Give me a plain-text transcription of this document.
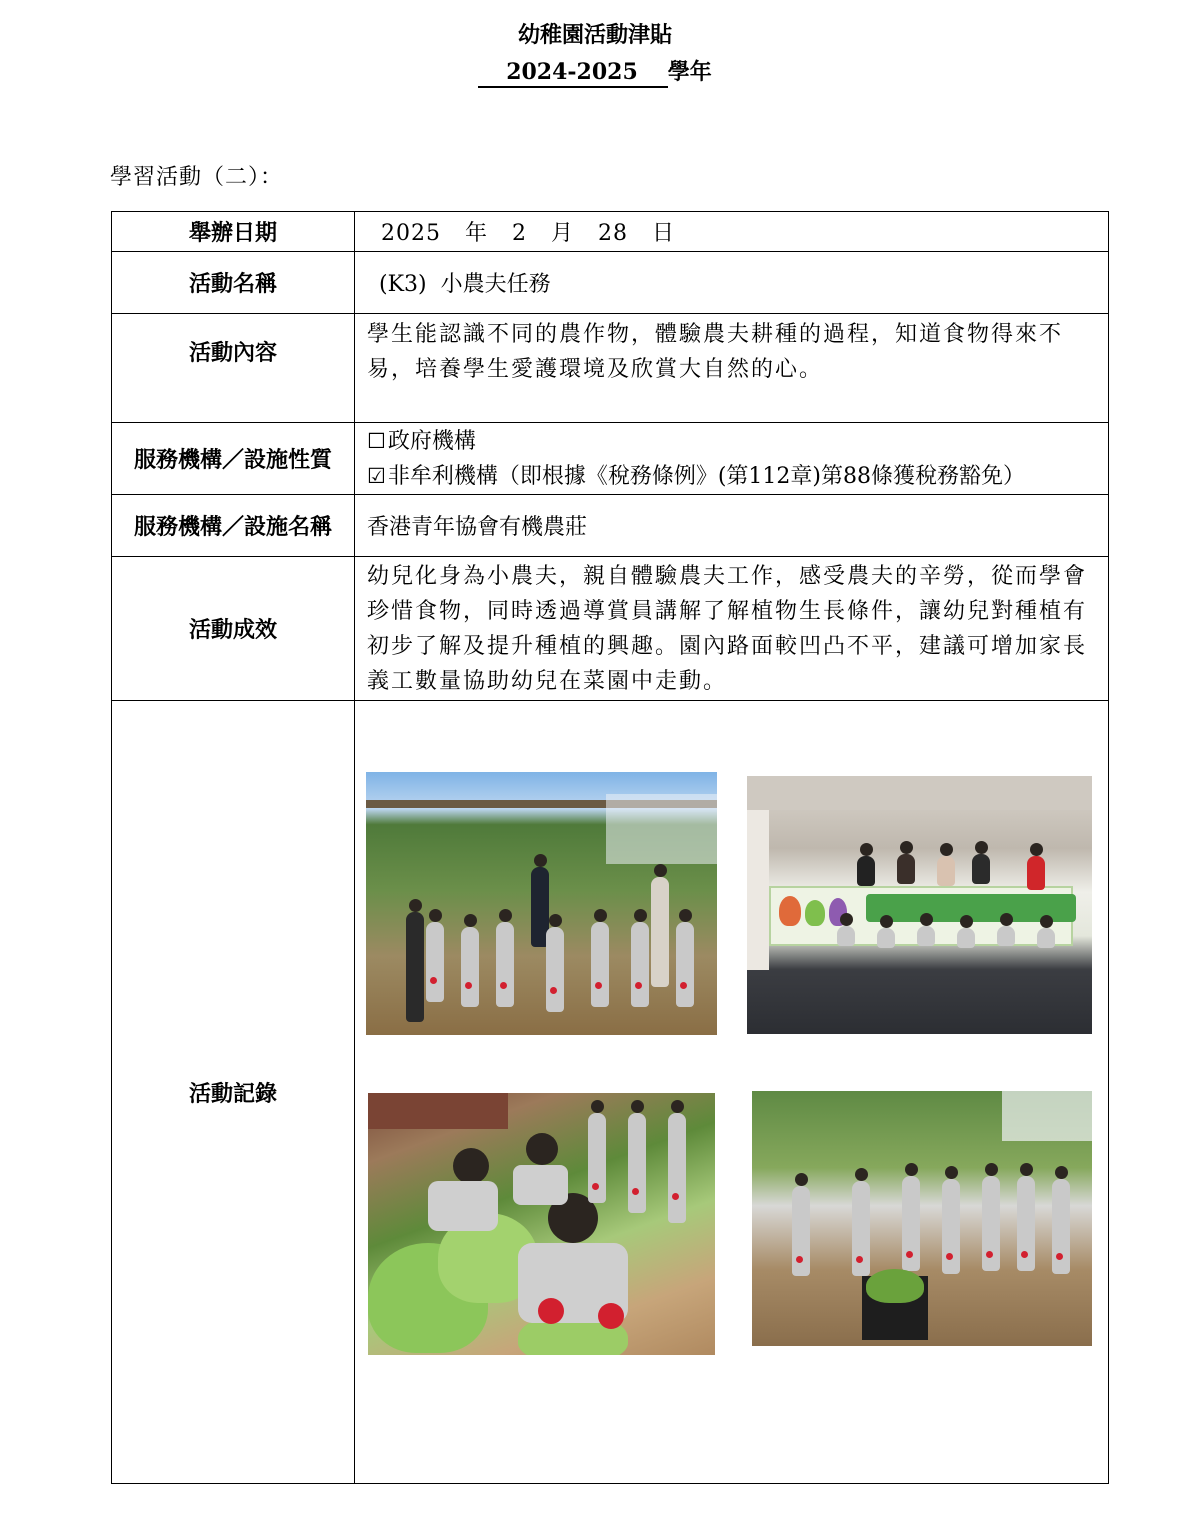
幼稚園活動津貼
2024-2025 學年
學習活動（二）：
舉辦日期	2025 年 2 月 28 日
活動名稱	(K3)  小農夫任務
活動內容	學生能認識不同的農作物，體驗農夫耕種的過程，知道食物得來不易，培養學生愛護環境及欣賞大自然的心。
服務機構／設施性質	☐政府機構
☑非牟利機構（即根據《稅務條例》(第112章)第88條獲稅務豁免）

服務機構／設施名稱	香港青年協會有機農莊
活動成效	幼兒化身為小農夫，親自體驗農夫工作，感受農夫的辛勞，從而學會珍惜食物，同時透過導賞員講解了解植物生長條件，讓幼兒對種植有初步了解及提升種植的興趣。園內路面較凹凸不平，建議可增加家長義工數量協助幼兒在菜園中走動。
活動記錄	
